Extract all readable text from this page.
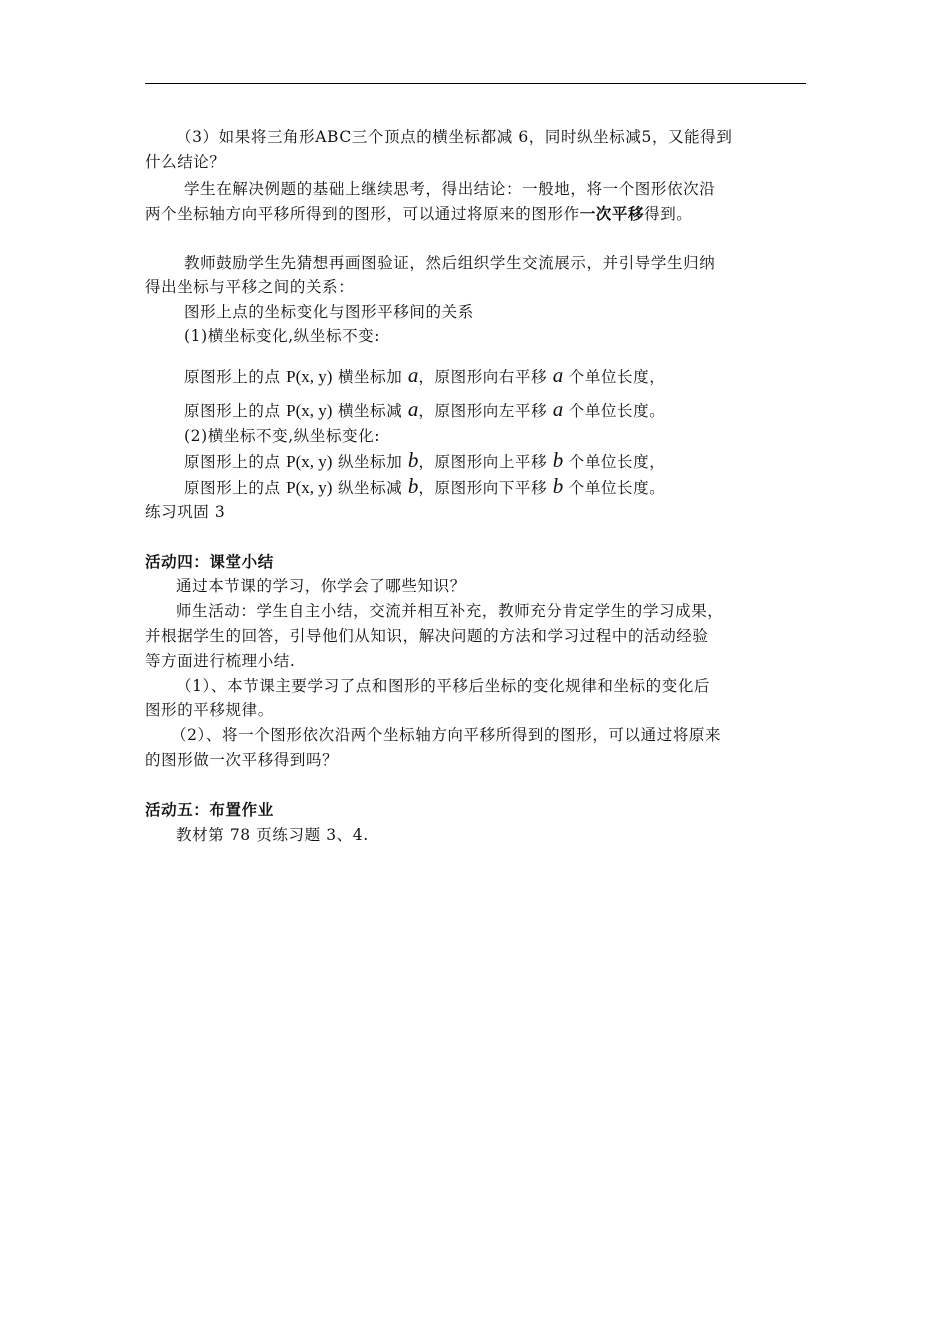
（3）如果将三角形ABC三个顶点的横坐标都减 6，同时纵坐标减5，又能得到
什么结论？
学生在解决例题的基础上继续思考，得出结论：一般地，将一个图形依次沿
两个坐标轴方向平移所得到的图形，可以通过将原来的图形作一次平移得到。
教师鼓励学生先猜想再画图验证，然后组织学生交流展示，并引导学生归纳
得出坐标与平移之间的关系：
图形上点的坐标变化与图形平移间的关系
(1)横坐标变化,纵坐标不变:
原图形上的点 P(x, y) 横坐标加 a，原图形向右平移 a 个单位长度，
原图形上的点 P(x, y) 横坐标减 a，原图形向左平移 a 个单位长度。
(2)横坐标不变,纵坐标变化:
原图形上的点 P(x, y) 纵坐标加 b，原图形向上平移 b 个单位长度，
原图形上的点 P(x, y) 纵坐标减 b，原图形向下平移 b 个单位长度。
练习巩固 3
活动四：课堂小结
通过本节课的学习，你学会了哪些知识？
师生活动：学生自主小结，交流并相互补充，教师充分肯定学生的学习成果，
并根据学生的回答，引导他们从知识，解决问题的方法和学习过程中的活动经验
等方面进行梳理小结.
（1）、本节课主要学习了点和图形的平移后坐标的变化规律和坐标的变化后
图形的平移规律。
（2）、将一个图形依次沿两个坐标轴方向平移所得到的图形，可以通过将原来
的图形做一次平移得到吗？
活动五：布置作业
教材第 78 页练习题 3、4.
